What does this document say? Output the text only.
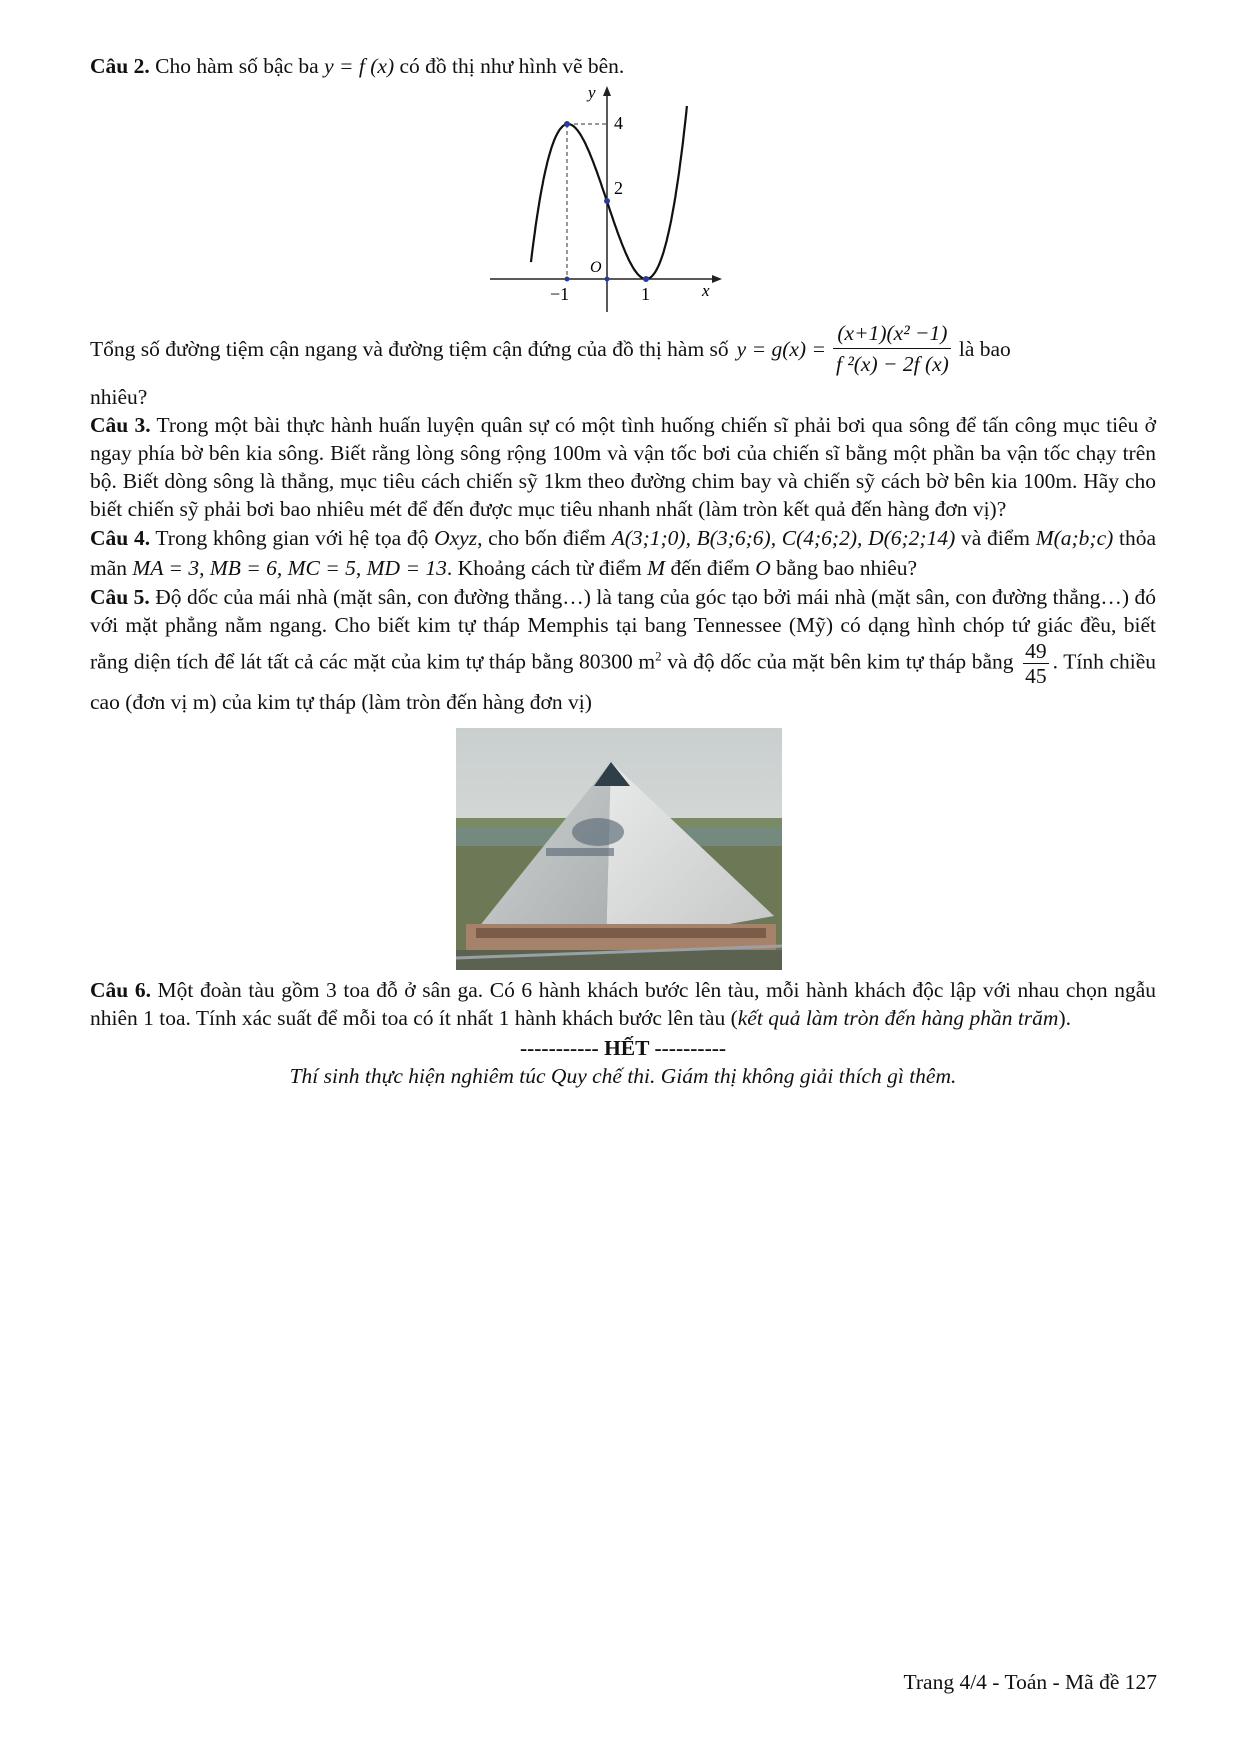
Câu 2. Cho hàm số bậc ba y = f (x) có đồ thị như hình vẽ bên.

y
x
O
−1	1
2
4
Tổng số đường tiệm cận ngang và đường tiệm cận đứng của đồ thị hàm số $y = g(x) = \frac{\text{(x+1)(x² −1)}}{\text{f ²(x) − 2f (x)}}$ là bao

nhiêu?

Câu 3. Trong một bài thực hành huấn luyện quân sự có một tình huống chiến sĩ phải bơi qua sông để tấn công mục tiêu ở ngay phía bờ bên kia sông. Biết rằng lòng sông rộng 100m và vận tốc bơi của chiến sĩ bằng một phần ba vận tốc chạy trên bộ. Biết dòng sông là thẳng, mục tiêu cách chiến sỹ 1km theo đường chim bay và chiến sỹ cách bờ bên kia 100m. Hãy cho biết chiến sỹ phải bơi bao nhiêu mét để đến được mục tiêu nhanh nhất (làm tròn kết quả đến hàng đơn vị)?

Câu 4. Trong không gian với hệ tọa độ Oxyz, cho bốn điểm A(3;1;0), B(3;6;6), C(4;6;2), D(6;2;14) và điểm M(a;b;c) thỏa mãn MA = 3, MB = 6, MC = 5, MD = 13. Khoảng cách từ điểm M đến điểm O bằng bao nhiêu?

Câu 5. Độ dốc của mái nhà (mặt sân, con đường thẳng…) là tang của góc tạo bởi mái nhà (mặt sân, con đường thẳng…) đó với mặt phẳng nằm ngang. Cho biết kim tự tháp Memphis tại bang Tennessee (Mỹ) có dạng hình chóp tứ giác đều, biết rằng diện tích để lát tất cả các mặt của kim tự tháp bằng 80300 $m^2$ và độ dốc của mặt bên kim tự tháp bằng $\frac{49}{45}$ . Tính chiều cao (đơn vị m) của kim tự tháp (làm tròn đến hàng đơn vị)

Câu 6. Một đoàn tàu gồm 3 toa đỗ ở sân ga. Có 6 hành khách bước lên tàu, mỗi hành khách độc lập với nhau chọn ngẫu nhiên 1 toa. Tính xác suất để mỗi toa có ít nhất 1 hành khách bước lên tàu (kết quả làm tròn đến hàng phần trăm).

----------- HẾT ----------

Thí sinh thực hiện nghiêm túc Quy chế thi. Giám thị không giải thích gì thêm.

Trang 4/4 - Toán - Mã đề 127
